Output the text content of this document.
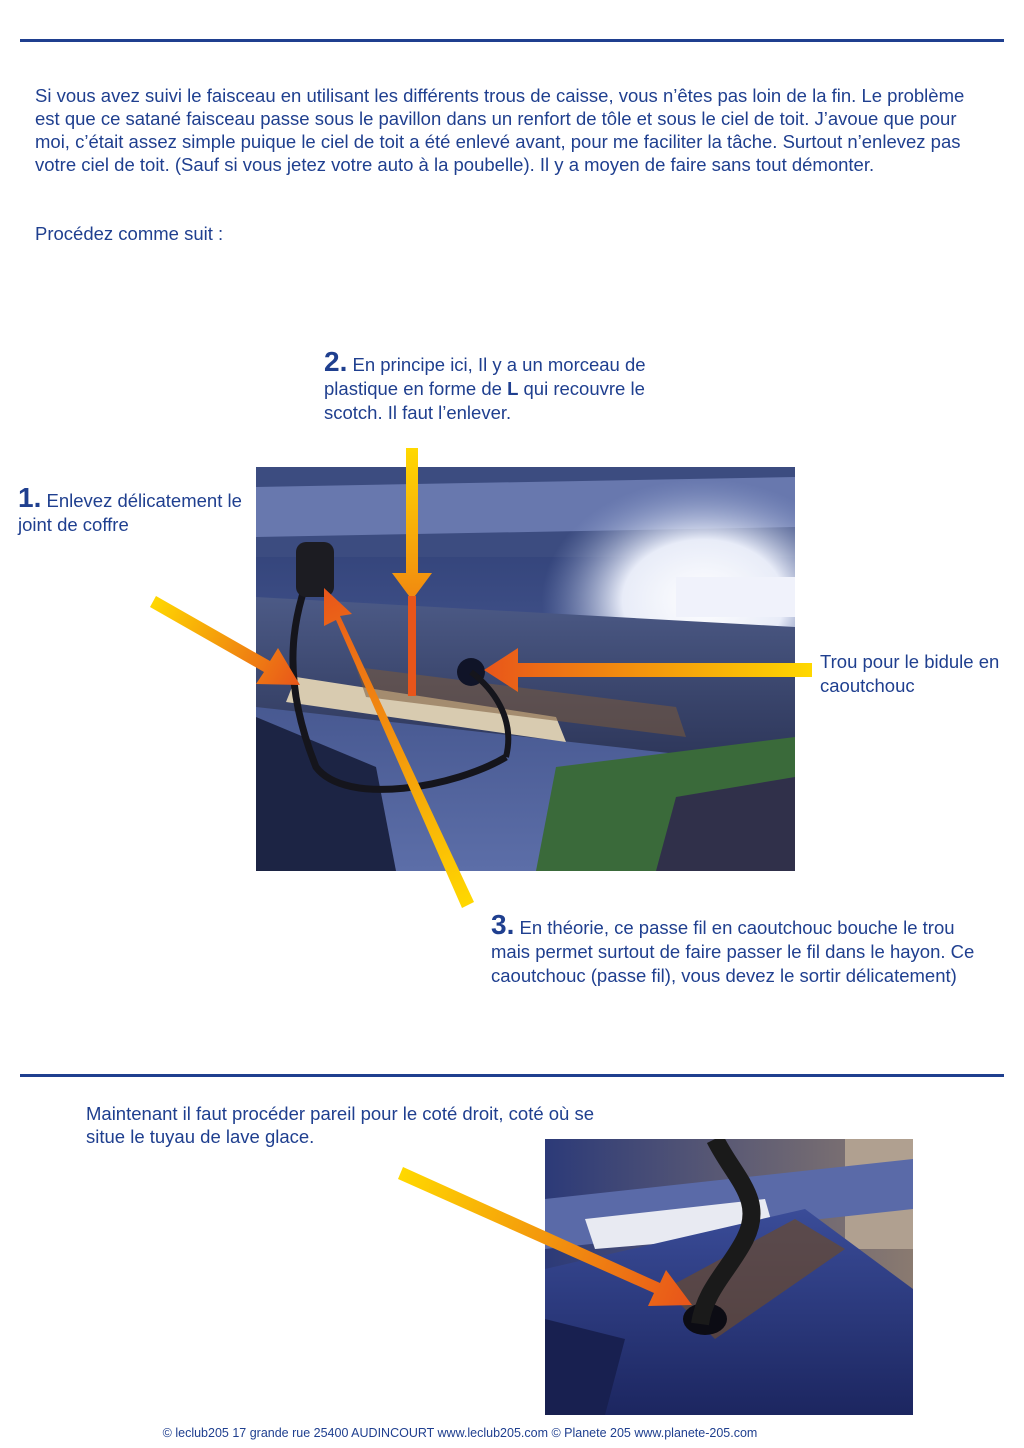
Si vous avez suivi le faisceau en utilisant les différents trous de caisse, vous n’êtes pas loin de la fin. Le problème est que ce satané faisceau passe sous le pavillon dans un renfort de tôle et sous le ciel de toit. J’avoue que pour moi, c’était assez simple puique le ciel de toit a été enlevé avant, pour me faciliter la tâche. Surtout n’enlevez pas votre ciel de toit. (Sauf si vous jetez votre auto à la poubelle). Il y a moyen de faire sans tout démonter.

Procédez comme suit :

2. En principe ici, Il y a un morceau de plastique en forme de L qui recouvre le scotch. Il faut l’enlever.
1. Enlevez délicatement le joint de coffre
Trou pour le bidule en caoutchouc
3. En théorie, ce passe fil en caoutchouc bouche le trou mais permet surtout de faire passer le fil dans le hayon. Ce caoutchouc (passe fil), vous devez le sortir délicatement)

Maintenant il faut procéder pareil pour le coté droit, coté où se situe le tuyau de lave glace.

© leclub205 17 grande rue 25400 AUDINCOURT www.leclub205.com © Planete 205 www.planete-205.com
